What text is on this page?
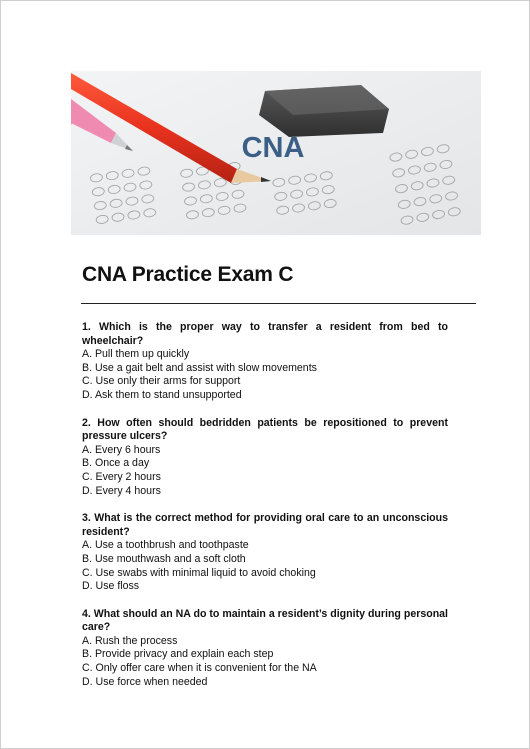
CNA
CNA Practice Exam C

1. Which is the proper way to transfer a resident from bed to wheelchair?

A. Pull them up quickly

B. Use a gait belt and assist with slow movements

C. Use only their arms for support

D. Ask them to stand unsupported

2. How often should bedridden patients be repositioned to prevent pressure ulcers?

A. Every 6 hours

B. Once a day

C. Every 2 hours

D. Every 4 hours

3. What is the correct method for providing oral care to an unconscious resident?

A. Use a toothbrush and toothpaste

B. Use mouthwash and a soft cloth

C. Use swabs with minimal liquid to avoid choking

D. Use floss

4. What should an NA do to maintain a resident’s dignity during personal care?

A. Rush the process

B. Provide privacy and explain each step

C. Only offer care when it is convenient for the NA

D. Use force when needed
